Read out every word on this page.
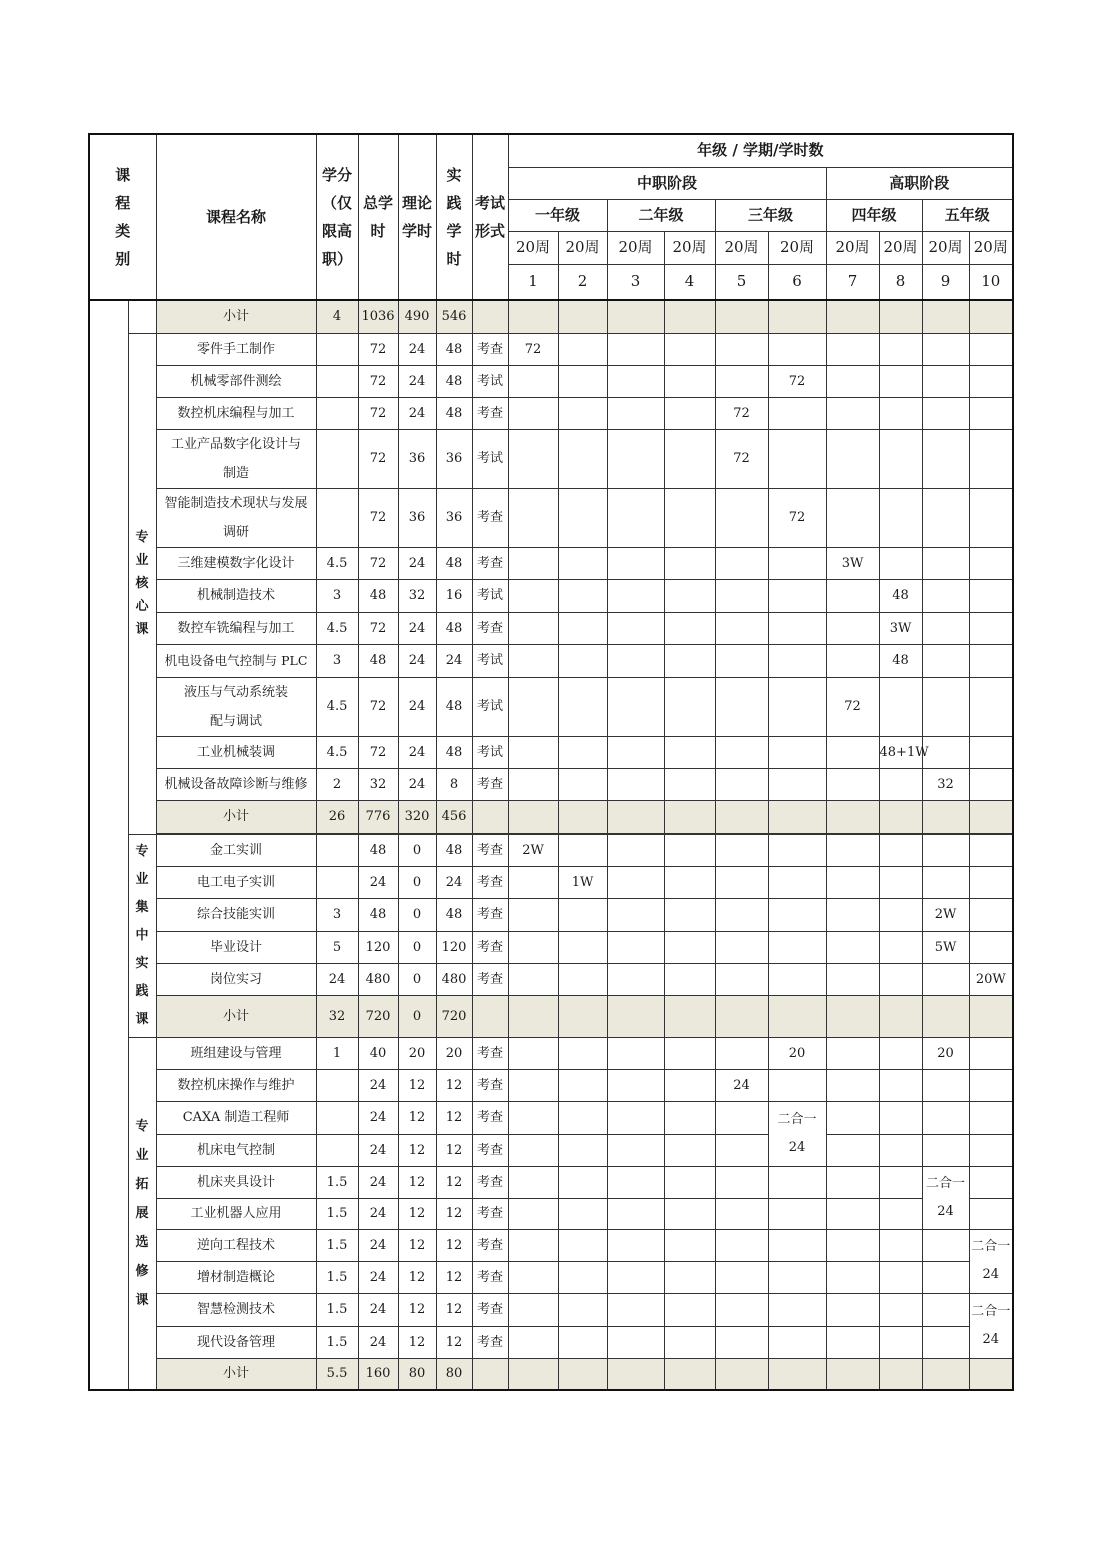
课程类别		课程名称	学分（仅限高职）	总学时	理论学时	实践学时	考试形式	年级 / 学期/学时数									
								中职阶段						高职阶段			
								一年级		二年级		三年级		四年级		五年级	
								20周	20周	20周	20周	20周	20周	20周	20周	20周	20周
								1	2	3	4	5	6	7	8	9	10
		小计	4	1036	490	546											
	专业核心课	零件手工制作		72	24	48	考查	72									
		机械零部件测绘		72	24	48	考试						72				
		数控机床编程与加工		72	24	48	考查					72					
		工业产品数字化设计与制造		72	36	36	考试					72					
		智能制造技术现状与发展调研		72	36	36	考查						72				
		三维建模数字化设计	4.5	72	24	48	考查							3W			
		机械制造技术	3	48	32	16	考试								48		
		数控车铣编程与加工	4.5	72	24	48	考查								3W		
		机电设备电气控制与 PLC	3	48	24	24	考试								48		
		液压与气动系统装配与调试	4.5	72	24	48	考试							72			
		工业机械装调	4.5	72	24	48	考试								48+1W		
		机械设备故障诊断与维修	2	32	24	8	考查									32	
		小计	26	776	320	456											

	专业集中实践课	金工实训		48	0	48	考查	2W									
		电工电子实训		24	0	24	考查		1W								
		综合技能实训	3	48	0	48	考查									2W	
		毕业设计	5	120	0	120	考查									5W	
		岗位实习	24	480	0	480	考查										20W
		小计	32	720	0	720											
	专业拓展选修课	班组建设与管理	1	40	20	20	考查						20			20	
		数控机床操作与维护		24	12	12	考查					24					
		CAXA 制造工程师		24	12	12	考查						二合一24				
		机床电气控制		24	12	12	考查										
		机床夹具设计	1.5	24	12	12	考查									二合一24	
		工业机器人应用	1.5	24	12	12	考查										
		逆向工程技术	1.5	24	12	12	考查										二合一24
		增材制造概论	1.5	24	12	12	考查										
		智慧检测技术	1.5	24	12	12	考查										二合一24
		现代设备管理	1.5	24	12	12	考查										
		小计	5.5	160	80	80											
